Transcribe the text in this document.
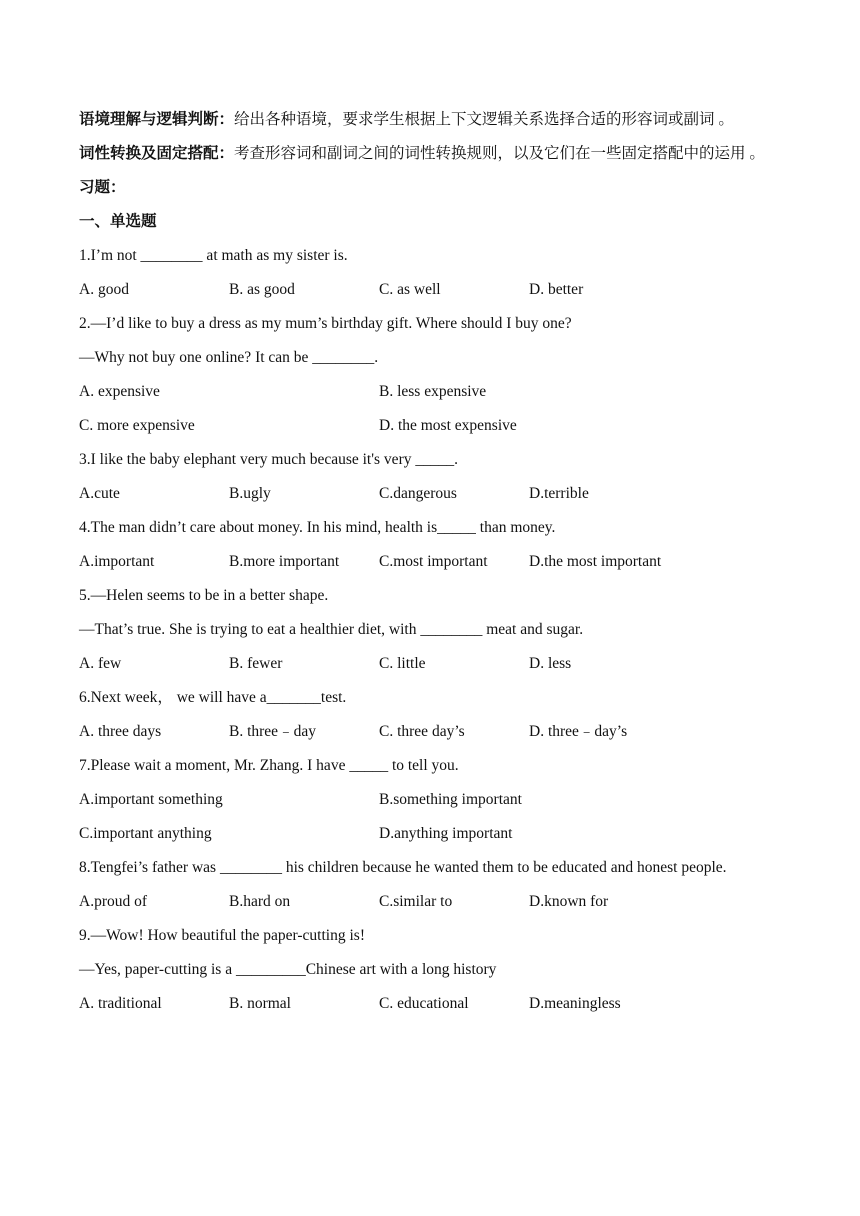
语境理解与逻辑判断：给出各种语境，要求学生根据上下文逻辑关系选择合适的形容词或副词 。
词性转换及固定搭配：考查形容词和副词之间的词性转换规则，以及它们在一些固定搭配中的运用 。
习题：
一、单选题
1.I’m not ________ at math as my sister is.
A. good	B. as good	C. as well	D. better
2.—I’d like to buy a dress as my mum’s birthday gift. Where should I buy one?
—Why not buy one online? It can be ________.
A. expensive	B. less expensive
C. more expensive	D. the most expensive
3.I like the baby elephant very much because it's very _____.
A.cute	B.ugly	C.dangerous	D.terrible
4.The man didn’t care about money. In his mind, health is_____ than money.
A.important	B.more important	C.most important	D.the most important
5.—Helen seems to be in a better shape.
—That’s true. She is trying to eat a healthier diet, with ________ meat and sugar.
A. few	B. fewer	C. little	D. less
6.Next week， we will have a_______test.
A. three days	B. three﹣day	C. three day’s	D. three﹣day’s
7.Please wait a moment, Mr. Zhang. I have _____ to tell you.
A.important something	B.something important
C.important anything	D.anything important
8.Tengfei’s father was ________ his children because he wanted them to be educated and honest people.
A.proud of	B.hard on	C.similar to	D.known for
9.—Wow! How beautiful the paper-cutting is!
—Yes, paper-cutting is a _________Chinese art with a long history
A. traditional	B. normal	C. educational	D.meaningless
